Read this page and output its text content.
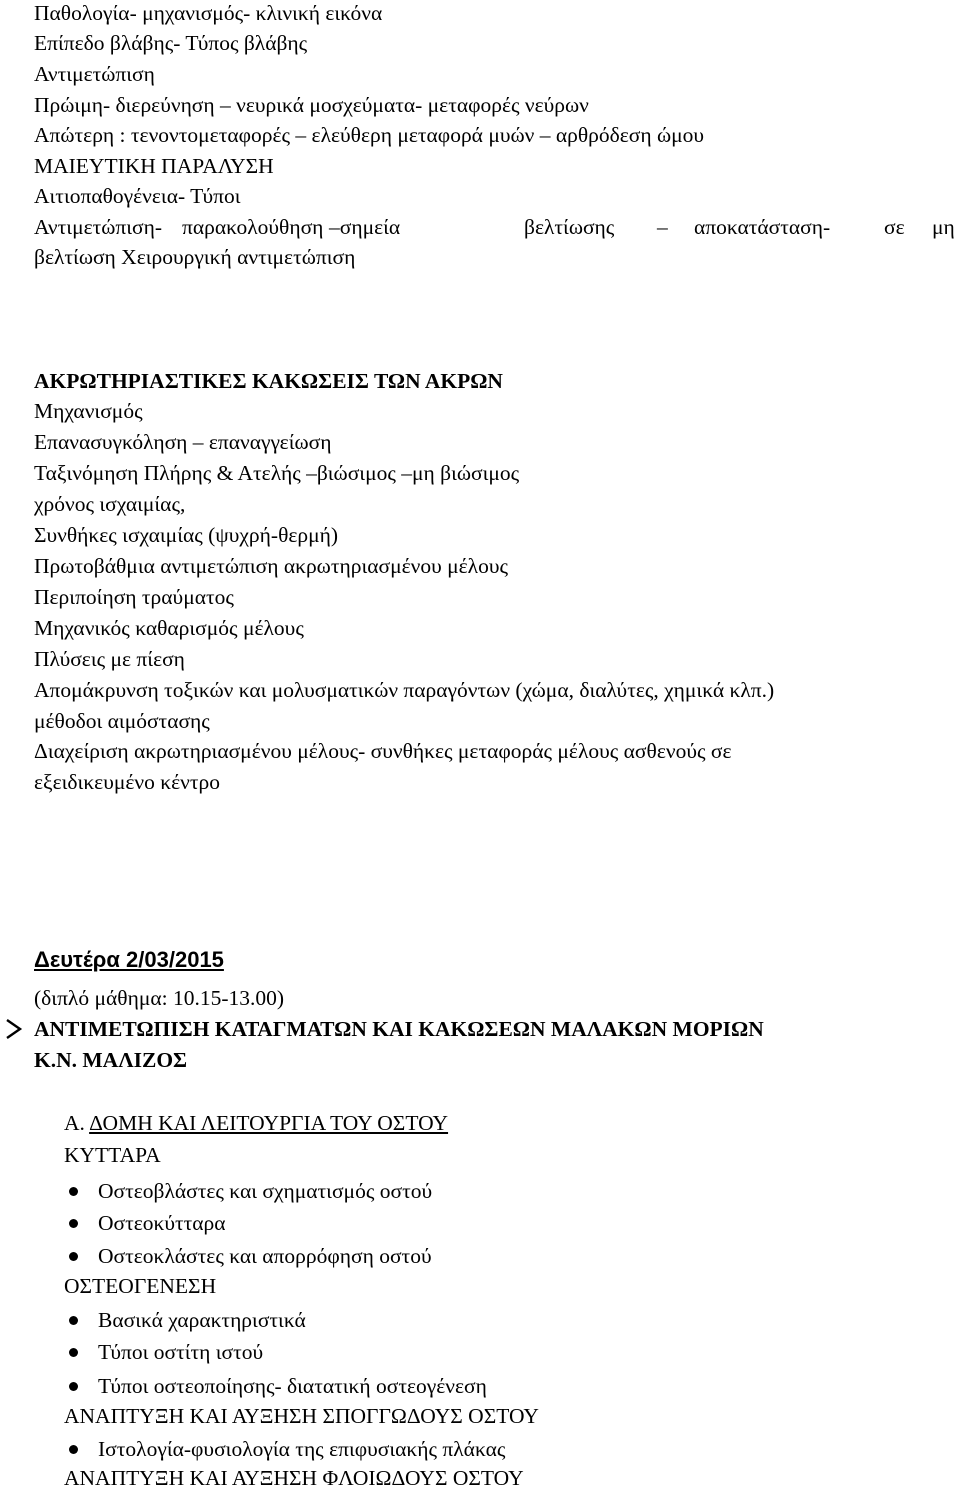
Παθολογία- μηχανισμός- κλινική εικόνα
Επίπεδο βλάβης- Τύπος βλάβης
Αντιμετώπιση
Πρώιμη- διερεύνηση – νευρικά μοσχεύματα- μεταφορές νεύρων
Απώτερη : τενοντομεταφορές – ελεύθερη μεταφορά μυών – αρθρόδεση ώμου
ΜΑΙΕΥΤΙΚΗ ΠΑΡΑΛΥΣΗ
Αιτιοπαθογένεια- Τύποι
Αντιμετώπιση- παρακολούθηση –σημεία	βελτίωσης – αποκατάσταση-	σε μη
βελτίωση Χειρουργική αντιμετώπιση
ΑΚΡΩΤΗΡΙΑΣΤΙΚΕΣ ΚΑΚΩΣΕΙΣ ΤΩΝ ΑΚΡΩΝ
Μηχανισμός
Επανασυγκόληση – επαναγγείωση
Ταξινόμηση Πλήρης & Ατελής –βιώσιμος –μη βιώσιμος
χρόνος ισχαιμίας,
Συνθήκες ισχαιμίας (ψυχρή-θερμή)
Πρωτοβάθμια αντιμετώπιση ακρωτηριασμένου μέλους
Περιποίηση τραύματος
Μηχανικός καθαρισμός μέλους
Πλύσεις με πίεση
Απομάκρυνση τοξικών και μολυσματικών παραγόντων (χώμα, διαλύτες, χημικά κλπ.)
μέθοδοι αιμόστασης
Διαχείριση ακρωτηριασμένου μέλους- συνθήκες μεταφοράς μέλους ασθενούς σε
εξειδικευμένο κέντρο
Δευτέρα 2/03/2015
(διπλό μάθημα: 10.15-13.00)
ΑΝΤΙΜΕΤΩΠΙΣΗ ΚΑΤΑΓΜΑΤΩΝ ΚΑΙ ΚΑΚΩΣΕΩΝ ΜΑΛΑΚΩΝ ΜΟΡΙΩΝ
Κ.Ν. ΜΑΛΙΖΟΣ
Α. ΔΟΜΗ ΚΑΙ ΛΕΙΤΟΥΡΓΙΑ ΤΟΥ ΟΣΤΟΥ
ΚΥΤΤΑΡΑ
Οστεοβλάστες και σχηματισμός οστού
Οστεοκύτταρα
Οστεοκλάστες και απορρόφηση οστού
ΟΣΤΕΟΓΕΝΕΣΗ
Βασικά χαρακτηριστικά
Τύποι οστίτη ιστού
Τύποι οστεοποίησης- διατατική οστεογένεση
ΑΝΑΠΤΥΞΗ ΚΑΙ ΑΥΞΗΣΗ ΣΠΟΓΓΩΔΟΥΣ ΟΣΤΟΥ
Ιστολογία-φυσιολογία της επιφυσιακής πλάκας
ΑΝΑΠΤΥΞΗ ΚΑΙ ΑΥΞΗΣΗ ΦΛΟΙΩΔΟΥΣ ΟΣΤΟΥ
